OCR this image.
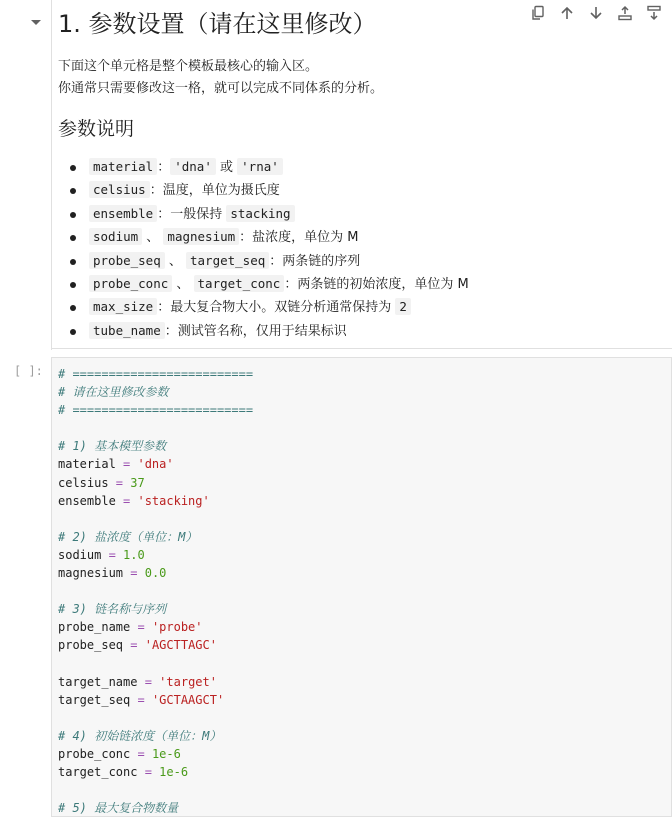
1. 参数设置（请在这里修改）

下面这个单元格是整个模板最核心的输入区。
你通常只需要修改这一格，就可以完成不同体系的分析。

参数说明
material ： 'dna' 或 'rna'
celsius ：温度，单位为摄氏度
ensemble ：一般保持 stacking
sodium 、 magnesium ：盐浓度，单位为 M
probe_seq 、 target_seq ：两条链的序列
probe_conc 、 target_conc ：两条链的初始浓度，单位为 M
max_size ：最大复合物大小。双链分析通常保持为 2
tube_name ：测试管名称，仅用于结果标识
[ ]: # =========================
# 请在这里修改参数
# =========================
# 1) 基本模型参数
material = 'dna'
celsius = 37
ensemble = 'stacking'
# 2) 盐浓度（单位：M）
sodium = 1.0
magnesium = 0.0
# 3) 链名称与序列
probe_name = 'probe'
probe_seq = 'AGCTTAGC'
target_name = 'target'
target_seq = 'GCTAAGCT'
# 4) 初始链浓度（单位：M）
probe_conc = 1e-6
target_conc = 1e-6
# 5) 最大复合物数量
